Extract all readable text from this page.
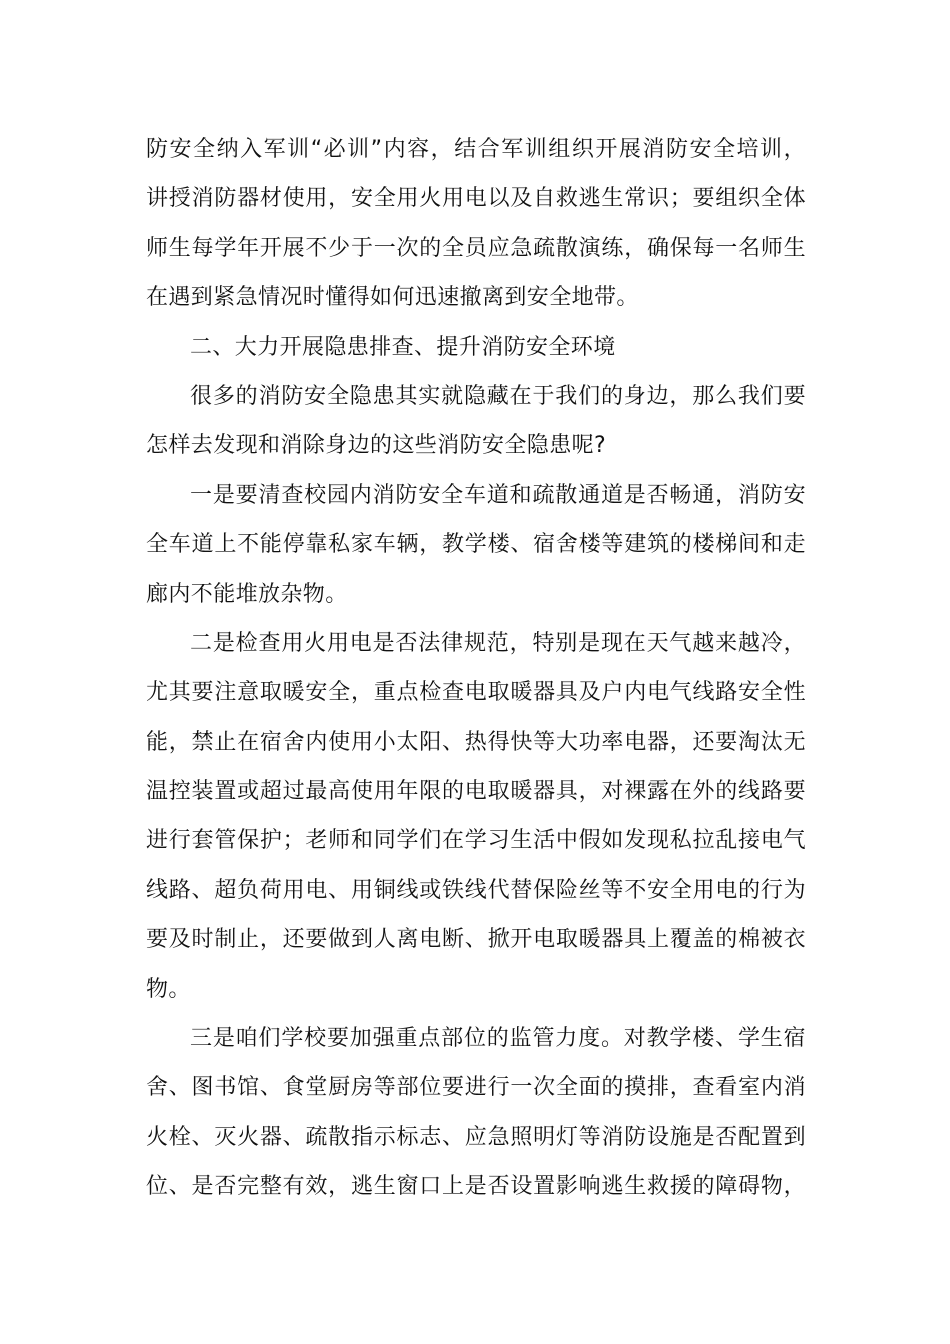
防安全纳入军训“必训”内容，结合军训组织开展消防安全培训，
讲授消防器材使用，安全用火用电以及自救逃生常识；要组织全体
师生每学年开展不少于一次的全员应急疏散演练，确保每一名师生
在遇到紧急情况时懂得如何迅速撤离到安全地带。
二、大力开展隐患排查、提升消防安全环境
很多的消防安全隐患其实就隐藏在于我们的身边，那么我们要
怎样去发现和消除身边的这些消防安全隐患呢?
一是要清查校园内消防安全车道和疏散通道是否畅通，消防安
全车道上不能停靠私家车辆，教学楼、宿舍楼等建筑的楼梯间和走
廊内不能堆放杂物。
二是检查用火用电是否法律规范，特别是现在天气越来越冷，
尤其要注意取暖安全，重点检查电取暖器具及户内电气线路安全性
能，禁止在宿舍内使用小太阳、热得快等大功率电器，还要淘汰无
温控装置或超过最高使用年限的电取暖器具，对裸露在外的线路要
进行套管保护；老师和同学们在学习生活中假如发现私拉乱接电气
线路、超负荷用电、用铜线或铁线代替保险丝等不安全用电的行为
要及时制止，还要做到人离电断、掀开电取暖器具上覆盖的棉被衣
物。
三是咱们学校要加强重点部位的监管力度。对教学楼、学生宿
舍、图书馆、食堂厨房等部位要进行一次全面的摸排，查看室内消
火栓、灭火器、疏散指示标志、应急照明灯等消防设施是否配置到
位、是否完整有效，逃生窗口上是否设置影响逃生救援的障碍物，
